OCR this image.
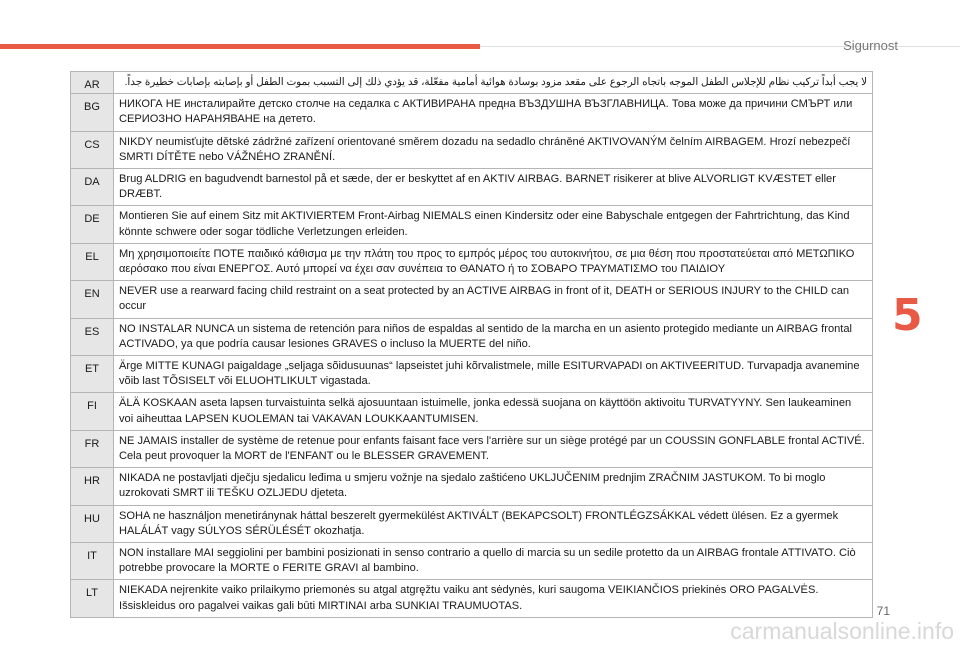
Sigurnost
5
AR	لا يجب أبداً تركيب نظام للإجلاس الطفل الموجه باتجاه الرجوع على مقعد مزود بوسادة هوائية أمامية مفعّلة، قد يؤدي ذلك إلى التسبب بموت الطفل أو بإصابته بإصابات خطيرة جداً.
BG	НИКОГА НЕ инсталирайте детско столче на седалка с АКТИВИРАНА предна ВЪЗДУШНА ВЪЗГЛАВНИЦА. Това може да причини СМЪРТ или СЕРИОЗНО НАРАНЯВАНЕ на детето.
CS	NIKDY neumisťujte dětské zádržné zařízení orientované směrem dozadu na sedadlo chráněné AKTIVOVANÝM čelním AIRBAGEM. Hrozí nebezpečí SMRTI DÍTĚTE nebo VÁŽNÉHO ZRANĚNÍ.
DA	Brug ALDRIG en bagudvendt barnestol på et sæde, der er beskyttet af en AKTIV AIRBAG. BARNET risikerer at blive ALVORLIGT KVÆSTET eller DRÆBT.
DE	Montieren Sie auf einem Sitz mit AKTIVIERTEM Front-Airbag NIEMALS einen Kindersitz oder eine Babyschale entgegen der Fahrtrichtung, das Kind könnte schwere oder sogar tödliche Verletzungen erleiden.
EL	Μη χρησιμοποιείτε ΠΟΤΕ παιδικό κάθισμα με την πλάτη του προς το εμπρός μέρος του αυτοκινήτου, σε μια θέση που προστατεύεται από ΜΕΤΩΠΙΚΟ αερόσακο που είναι ΕΝΕΡΓΟΣ. Αυτό μπορεί να έχει σαν συνέπεια το ΘΑΝΑΤΟ ή το ΣΟΒΑΡΟ ΤΡΑΥΜΑΤΙΣΜΟ του ΠΑΙΔΙΟΥ
EN	NEVER use a rearward facing child restraint on a seat protected by an ACTIVE AIRBAG in front of it, DEATH or SERIOUS INJURY to the CHILD can occur
ES	NO INSTALAR NUNCA un sistema de retención para niños de espaldas al sentido de la marcha en un asiento protegido mediante un AIRBAG frontal ACTIVADO, ya que podría causar lesiones GRAVES o incluso la MUERTE del niño.
ET	Ärge MITTE KUNAGI paigaldage „seljaga sõidusuunas“ lapseistet juhi kõrvalistmele, mille ESITURVAPADI on AKTIVEERITUD. Turvapadja avanemine võib last TÕSISELT või ELUOHTLIKULT vigastada.
FI	ÄLÄ KOSKAAN aseta lapsen turvaistuinta selkä ajosuuntaan istuimelle, jonka edessä suojana on käyttöön aktivoitu TURVATYYNY. Sen laukeaminen voi aiheuttaa LAPSEN KUOLEMAN tai VAKAVAN LOUKKAANTUMISEN.
FR	NE JAMAIS installer de système de retenue pour enfants faisant face vers l'arrière sur un siège protégé par un COUSSIN GONFLABLE frontal ACTIVÉ. Cela peut provoquer la MORT de l'ENFANT ou le BLESSER GRAVEMENT.
HR	NIKADA ne postavljati dječju sjedalicu leđima u smjeru vožnje na sjedalo zaštićeno UKLJUČENIM prednjim ZRAČNIM JASTUKOM. To bi moglo uzrokovati SMRT ili TEŠKU OZLJEDU djeteta.
HU	SOHA ne használjon menetiránynak háttal beszerelt gyermekülést AKTIVÁLT (BEKAPCSOLT) FRONTLÉGZSÁKKAL védett ülésen. Ez a gyermek HALÁLÁT vagy SÚLYOS SÉRÜLÉSÉT okozhatja.
IT	NON installare MAI seggiolini per bambini posizionati in senso contrario a quello di marcia su un sedile protetto da un AIRBAG frontale ATTIVATO. Ciò potrebbe provocare la MORTE o FERITE GRAVI al bambino.
LT	NIEKADA nejrenkite vaiko prilaikymo priemonės su atgal atgręžtu vaiku ant sėdynės, kuri saugoma VEIKIANČIOS priekinės ORO PAGALVĖS. Išsiskleidus oro pagalvei vaikas gali būti MIRTINAI arba SUNKIAI TRAUMUOTAS.	71
carmanualsonline.info
